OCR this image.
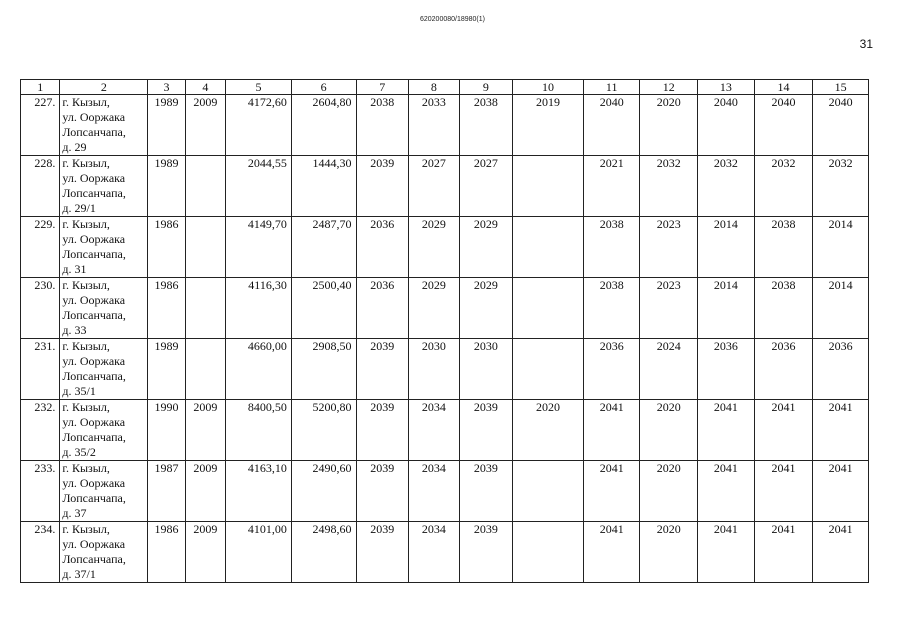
620200080/18980(1)
31
1	2	3	4	5	6	7	8	9	10	11	12	13	14	15
227.	г. Кызыл,
ул. Ооржака
Лопсанчапа,
д. 29	1989	2009	4172,60	2604,80	2038	2033	2038	2019	2040	2020	2040	2040	2040
228.	г. Кызыл,
ул. Ооржака
Лопсанчапа,
д. 29/1	1989		2044,55	1444,30	2039	2027	2027		2021	2032	2032	2032	2032
229.	г. Кызыл,
ул. Ооржака
Лопсанчапа,
д. 31	1986		4149,70	2487,70	2036	2029	2029		2038	2023	2014	2038	2014
230.	г. Кызыл,
ул. Ооржака
Лопсанчапа,
д. 33	1986		4116,30	2500,40	2036	2029	2029		2038	2023	2014	2038	2014
231.	г. Кызыл,
ул. Ооржака
Лопсанчапа,
д. 35/1	1989		4660,00	2908,50	2039	2030	2030		2036	2024	2036	2036	2036
232.	г. Кызыл,
ул. Ооржака
Лопсанчапа,
д. 35/2	1990	2009	8400,50	5200,80	2039	2034	2039	2020	2041	2020	2041	2041	2041
233.	г. Кызыл,
ул. Ооржака
Лопсанчапа,
д. 37	1987	2009	4163,10	2490,60	2039	2034	2039		2041	2020	2041	2041	2041
234.	г. Кызыл,
ул. Ооржака
Лопсанчапа,
д. 37/1	1986	2009	4101,00	2498,60	2039	2034	2039		2041	2020	2041	2041	2041
